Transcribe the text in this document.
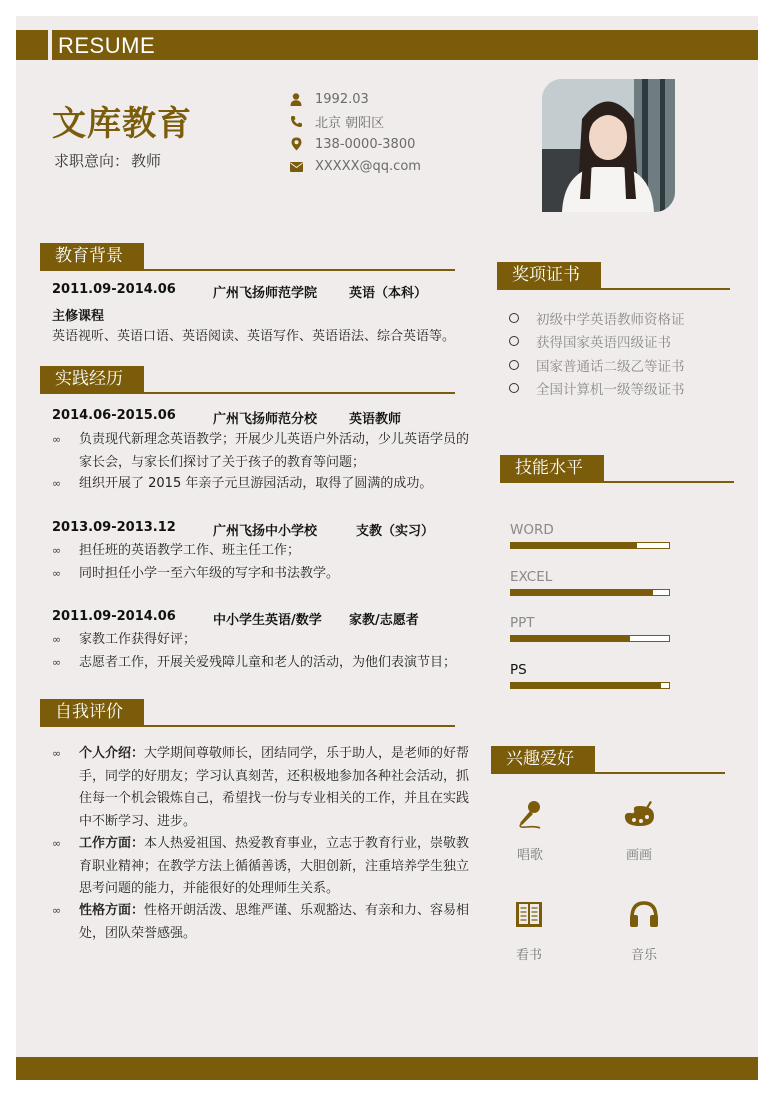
RESUME
文库教育
求职意向： 教师
1992.03
北京 朝阳区
138-0000-3800
XXXXX@qq.com
教育背景
2011.09-2014.06	广州飞扬师范学院 英语（本科）
主修课程
英语视听、英语口语、英语阅读、英语写作、英语语法、综合英语等。
实践经历
2014.06-2015.06	广州飞扬师范分校 英语教师
∞	负责现代新理念英语教学；开展少儿英语户外活动，少儿英语学员的家长会，与家长们探讨了关于孩子的教育等问题；
∞	组织开展了 2015 年亲子元旦游园活动，取得了圆满的成功。
2013.09-2013.12	广州飞扬中小学校	支教（实习）
∞	担任班的英语教学工作、班主任工作；
∞	同时担任小学一至六年级的写字和书法教学。
2011.09-2014.06	中小学生英语/数学 家教/志愿者
∞	家教工作获得好评；
∞	志愿者工作，开展关爱残障儿童和老人的活动，为他们表演节目；
自我评价
∞	个人介绍：大学期间尊敬师长，团结同学，乐于助人，是老师的好帮手，同学的好朋友；学习认真刻苦，还积极地参加各种社会活动，抓住每一个机会锻炼自己，希望找一份与专业相关的工作，并且在实践中不断学习、进步。
∞	工作方面：本人热爱祖国、热爱教育事业，立志于教育行业，崇敬教育职业精神；在教学方法上循循善诱，大胆创新，注重培养学生独立思考问题的能力，并能很好的处理师生关系。
∞	性格方面：性格开朗活泼、思维严谨、乐观豁达、有亲和力、容易相处，团队荣誉感强。
奖项证书
初级中学英语教师资格证
获得国家英语四级证书
国家普通话二级乙等证书
全国计算机一级等级证书
技能水平
WORD
EXCEL
PPT
PS
兴趣爱好
唱歌	画画
看书	音乐
